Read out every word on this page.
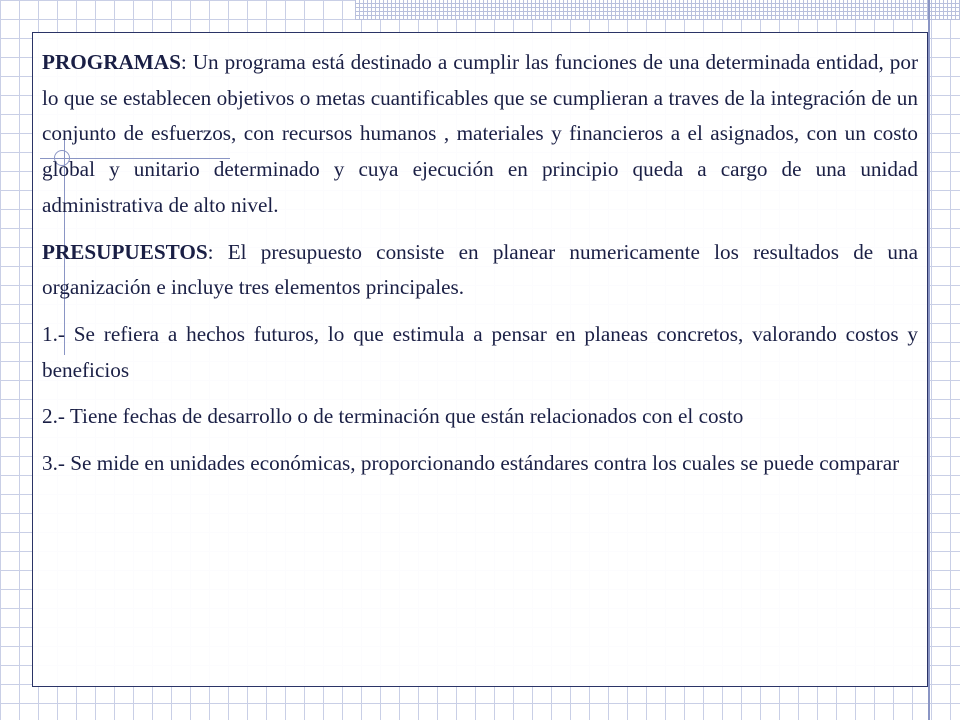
PROGRAMAS: Un programa está destinado a cumplir las funciones de una determinada entidad, por lo que se establecen objetivos o metas cuantificables que se cumplieran a traves de la integración de un conjunto de esfuerzos, con recursos humanos , materiales y financieros a el asignados, con un costo global y unitario determinado y cuya ejecución en principio queda a cargo de una unidad administrativa de alto nivel.

PRESUPUESTOS: El presupuesto consiste en planear numericamente los resultados de una organización e incluye tres elementos principales.

1.- Se refiera a hechos futuros, lo que estimula a pensar en planeas concretos, valorando costos y beneficios

2.- Tiene fechas de desarrollo o de terminación que están relacionados con el costo

3.- Se mide en unidades económicas, proporcionando estándares contra los cuales se puede comparar
